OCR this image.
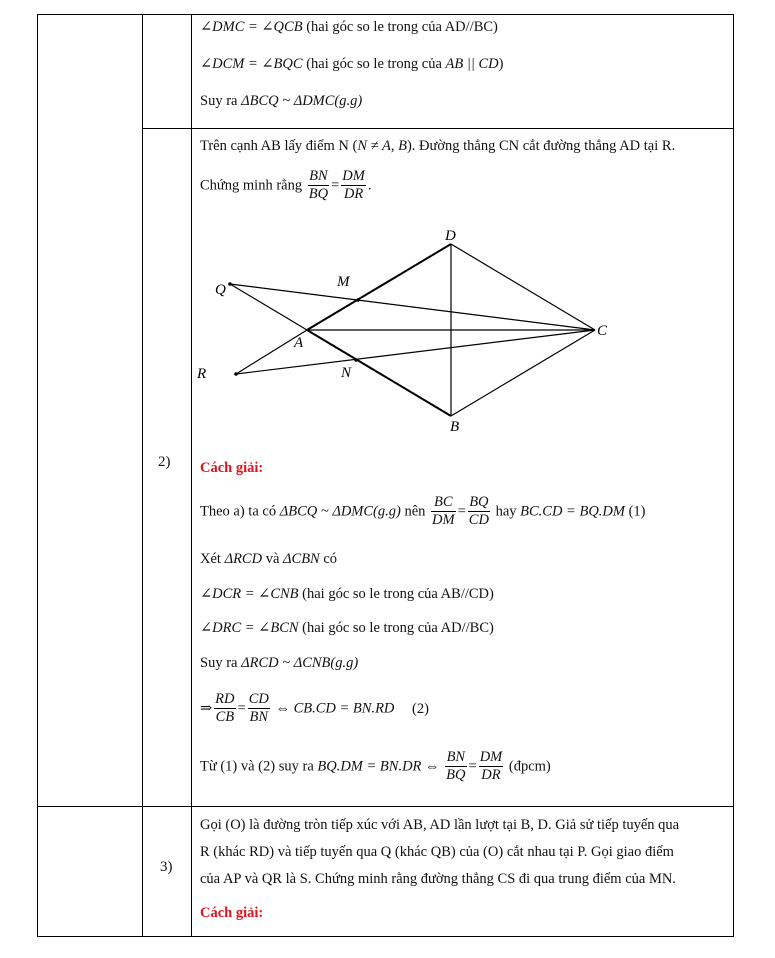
∠DMC = ∠QCB (hai góc so le trong của AD//BC)
∠DCM = ∠BQC (hai góc so le trong của AB || CD)
Suy ra ΔBCQ ~ ΔDMC(g.g)
2)
Trên cạnh AB lấy điểm N (N ≠ A, B). Đường thẳng CN cắt đường thẳng AD tại R.
Chứng minh rằng $\frac{BN}{BQ} = \frac{DM}{DR}$ .
D
M
Q
C
A
R	N
B
Cách giải:
Theo a) ta có ΔBCQ ~ ΔDMC(g.g) nên $\frac{BC}{DM} = \frac{BQ}{CD}$ hay BC.CD = BQ.DM (1)
Xét ΔRCD và ΔCBN có
∠DCR = ∠CNB (hai góc so le trong của AB//CD)
∠DRC = ∠BCN (hai góc so le trong của AD//BC)
Suy ra ΔRCD ~ ΔCNB(g.g)
⇒ $\frac{RD}{CB} = \frac{CD}{BN}$ ⇔ CB.CD = BN.RD (2)
Từ (1) và (2) suy ra BQ.DM = BN.DR ⇔ $\frac{BN}{BQ} = \frac{DM}{DR}$ (đpcm)
3)
Gọi (O) là đường tròn tiếp xúc với AB, AD lần lượt tại B, D. Giả sử tiếp tuyến qua
R (khác RD) và tiếp tuyến qua Q (khác QB) của (O) cắt nhau tại P. Gọi giao điểm
của AP và QR là S. Chứng minh rằng đường thẳng CS đi qua trung điểm của MN.
Cách giải:
